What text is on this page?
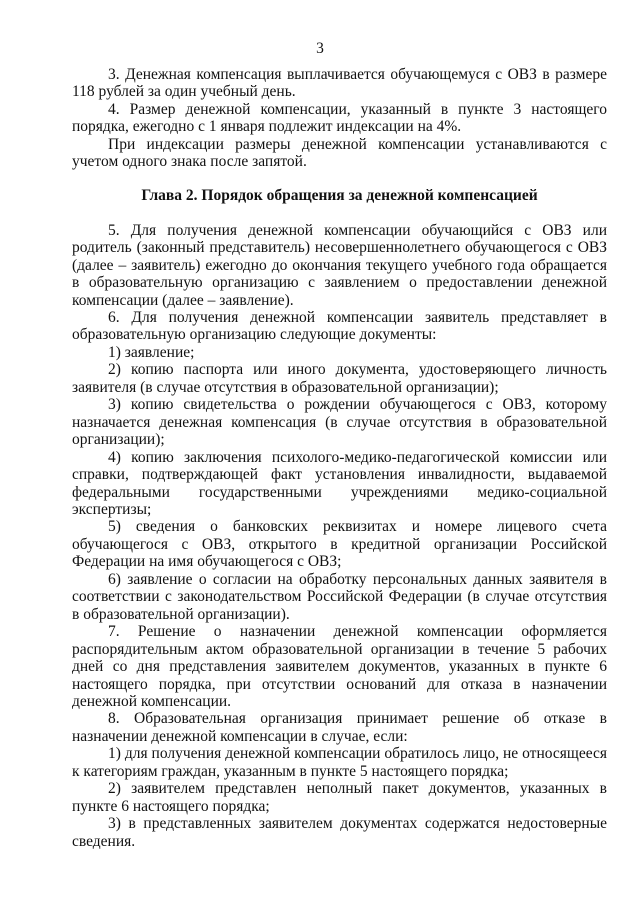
3

3. Денежная компенсация выплачивается обучающемуся с ОВЗ в размере 118 рублей за один учебный день.

4. Размер денежной компенсации, указанный в пункте 3 настоящего порядка, ежегодно с 1 января подлежит индексации на 4%.

При индексации размеры денежной компенсации устанавливаются с учетом одного знака после запятой.

Глава 2. Порядок обращения за денежной компенсацией

5. Для получения денежной компенсации обучающийся с ОВЗ или родитель (законный представитель) несовершеннолетнего обучающегося с ОВЗ (далее – заявитель) ежегодно до окончания текущего учебного года обращается в образовательную организацию с заявлением о предоставлении денежной компенсации (далее – заявление).

6. Для получения денежной компенсации заявитель представляет в образовательную организацию следующие документы:

1) заявление;

2) копию паспорта или иного документа, удостоверяющего личность заявителя (в случае отсутствия в образовательной организации);

3) копию свидетельства о рождении обучающегося с ОВЗ, которому назначается денежная компенсация (в случае отсутствия в образовательной организации);

4) копию заключения психолого-медико-педагогической комиссии или справки, подтверждающей факт установления инвалидности, выдаваемой федеральными государственными учреждениями медико-социальной экспертизы;

5) сведения о банковских реквизитах и номере лицевого счета обучающегося с ОВЗ, открытого в кредитной организации Российской Федерации на имя обучающегося с ОВЗ;

6) заявление о согласии на обработку персональных данных заявителя в соответствии с законодательством Российской Федерации (в случае отсутствия в образовательной организации).

7. Решение о назначении денежной компенсации оформляется распорядительным актом образовательной организации в течение 5 рабочих дней со дня представления заявителем документов, указанных в пункте 6 настоящего порядка, при отсутствии оснований для отказа в назначении денежной компенсации.

8. Образовательная организация принимает решение об отказе в назначении денежной компенсации в случае, если:

1) для получения денежной компенсации обратилось лицо, не относящееся к категориям граждан, указанным в пункте 5 настоящего порядка;

2) заявителем представлен неполный пакет документов, указанных в пункте 6 настоящего порядка;

3) в представленных заявителем документах содержатся недостоверные сведения.
